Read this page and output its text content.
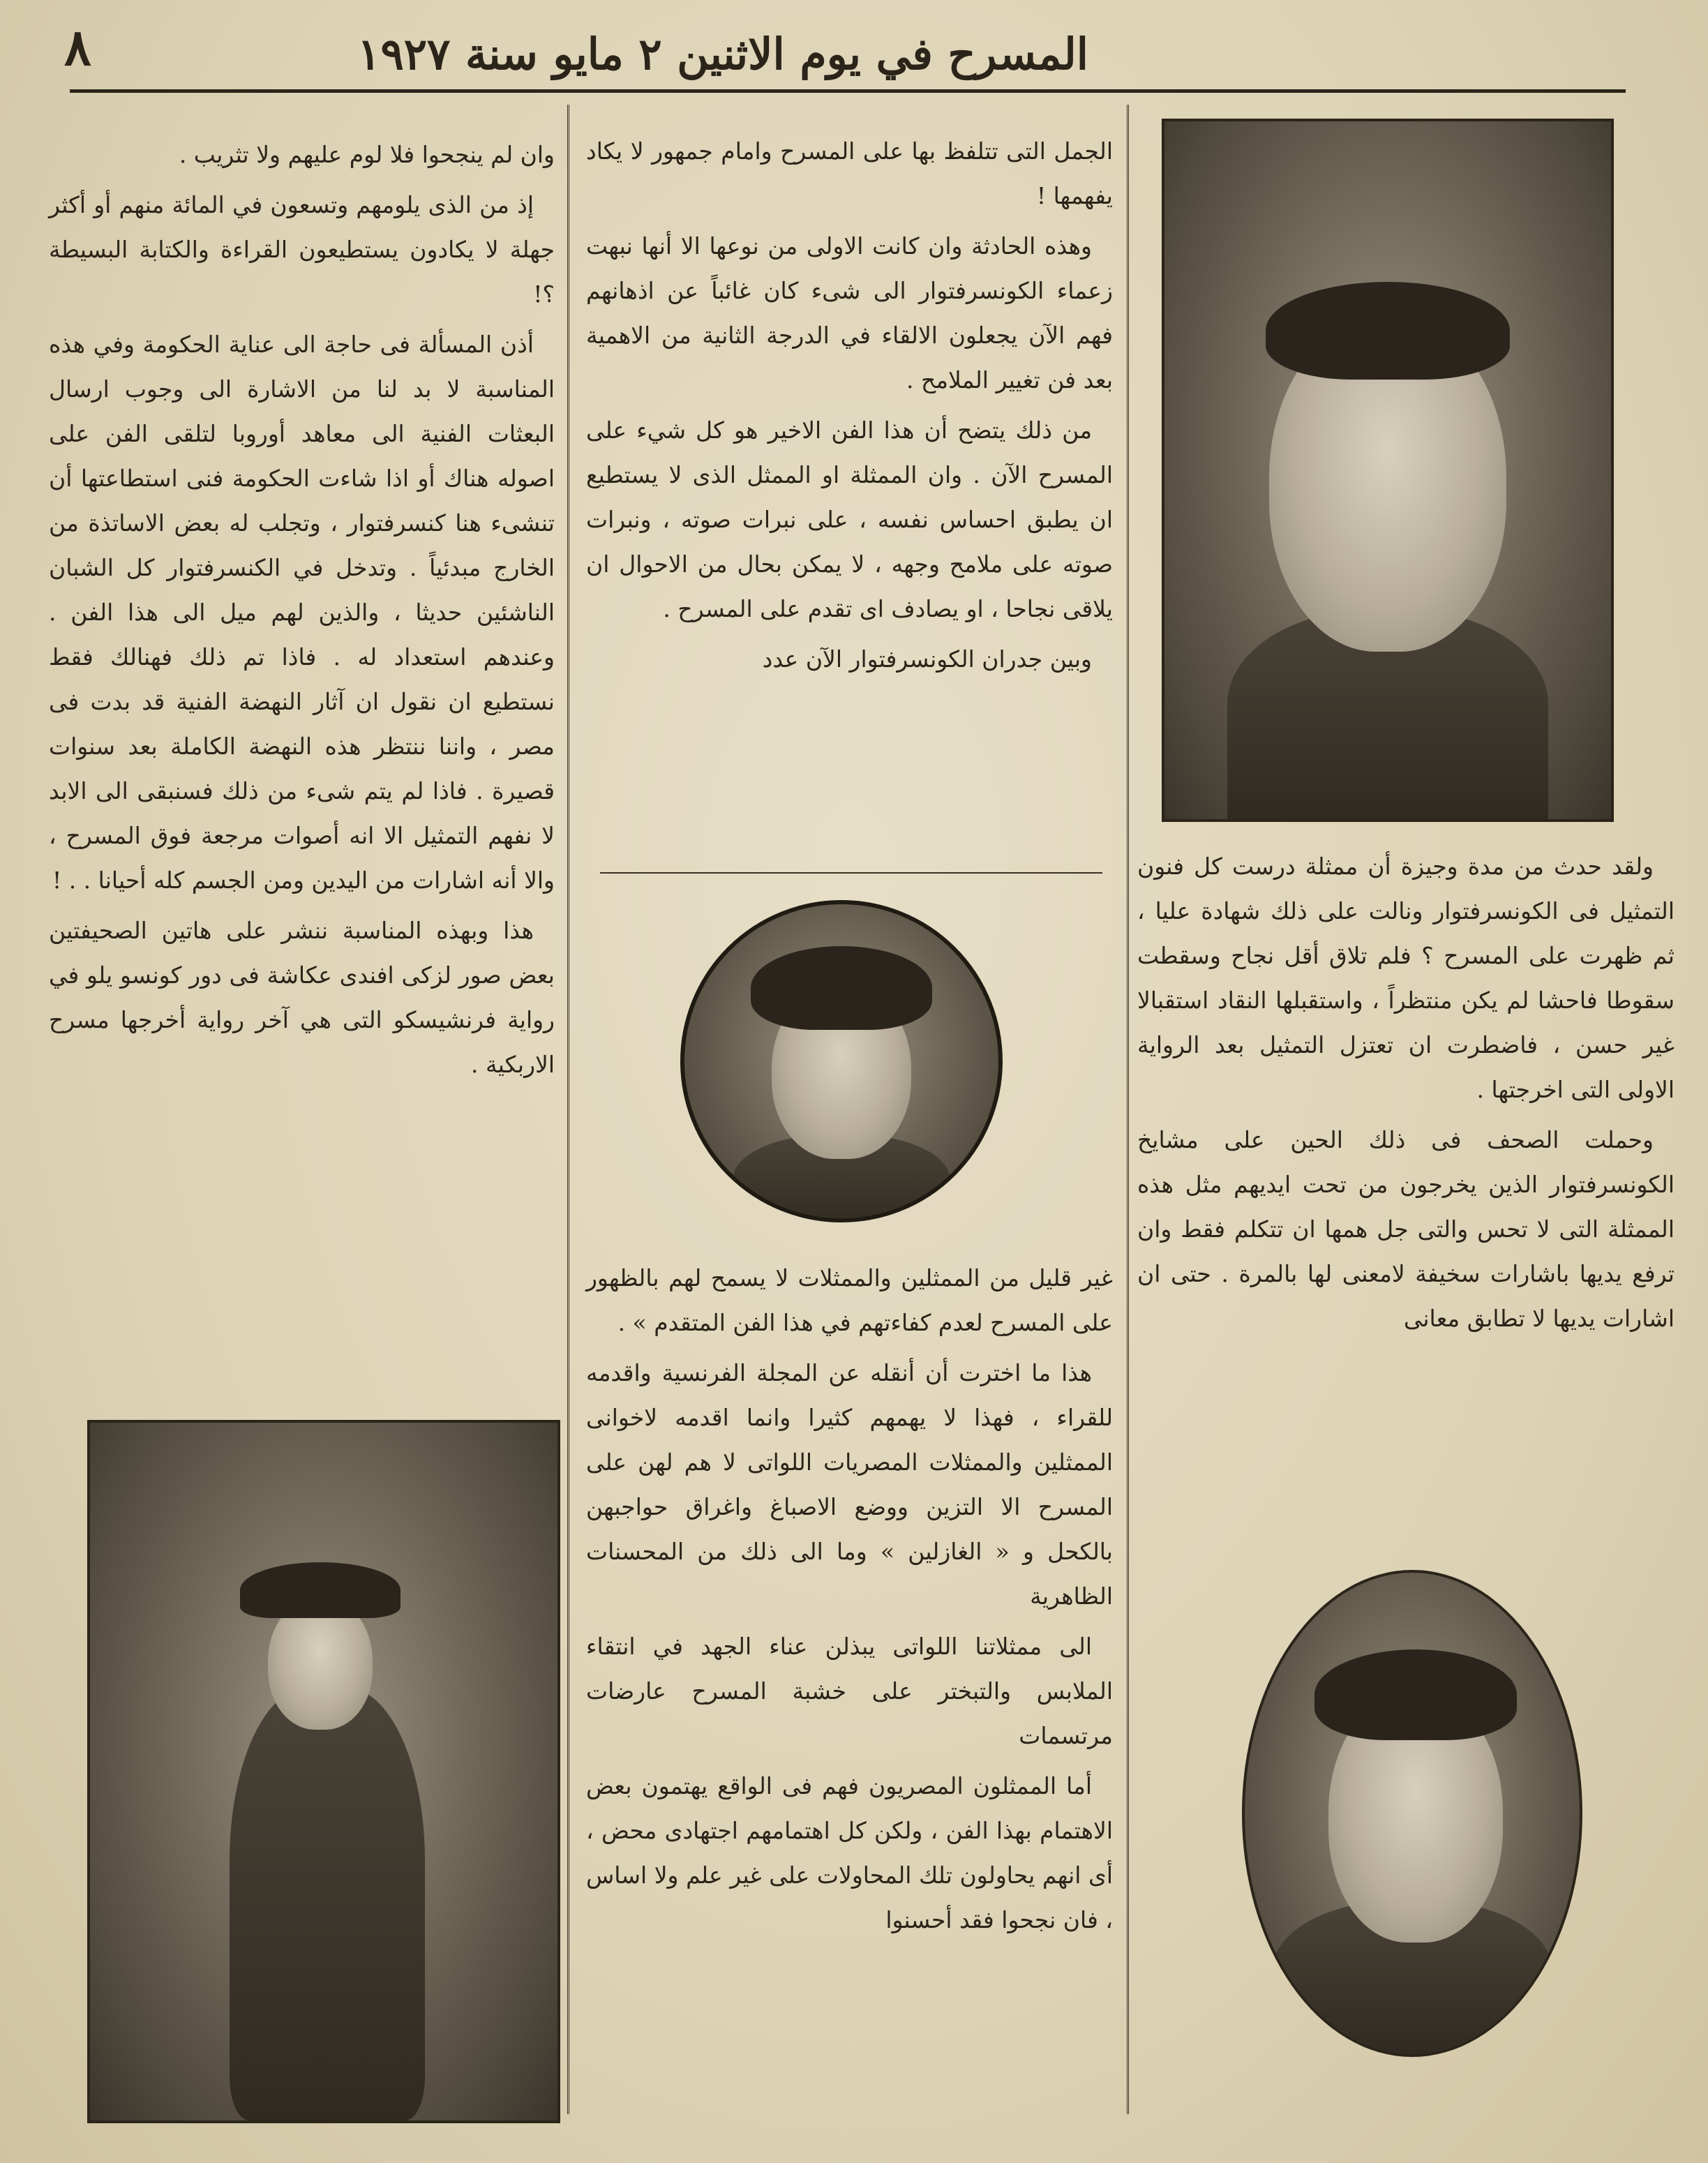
المسرح في يوم الاثنين ٢ مايو سنة ١٩٢٧
٨

ولقد حدث من مدة وجيزة أن ممثلة درست كل فنون التمثيل فى الكونسرفتوار ونالت على ذلك شهادة عليا ، ثم ظهرت على المسرح ؟ فلم تلاق أقل نجاح وسقطت سقوطا فاحشا لم يكن منتظراً ، واستقبلها النقاد استقبالا غير حسن ، فاضطرت ان تعتزل التمثيل بعد الرواية الاولى التى اخرجتها .

وحملت الصحف فى ذلك الحين على مشايخ الكونسرفتوار الذين يخرجون من تحت ايديهم مثل هذه الممثلة التى لا تحس والتى جل همها ان تتكلم فقط وان ترفع يديها باشارات سخيفة لامعنى لها بالمرة . حتى ان اشارات يديها لا تطابق معانى

الجمل التى تتلفظ بها على المسرح وامام جمهور لا يكاد يفهمها !

وهذه الحادثة وان كانت الاولى من نوعها الا أنها نبهت زعماء الكونسرفتوار الى شىء كان غائباً عن اذهانهم فهم الآن يجعلون الالقاء في الدرجة الثانية من الاهمية بعد فن تغيير الملامح .

من ذلك يتضح أن هذا الفن الاخير هو كل شيء على المسرح الآن . وان الممثلة او الممثل الذى لا يستطيع ان يطبق احساس نفسه ، على نبرات صوته ، ونبرات صوته على ملامح وجهه ، لا يمكن بحال من الاحوال ان يلاقى نجاحا ، او يصادف اى تقدم على المسرح .

وبين جدران الكونسرفتوار الآن عدد

غير قليل من الممثلين والممثلات لا يسمح لهم بالظهور على المسرح لعدم كفاءتهم في هذا الفن المتقدم » .

هذا ما اخترت أن أنقله عن المجلة الفرنسية واقدمه للقراء ، فهذا لا يهمهم كثيرا وانما اقدمه لاخوانى الممثلين والممثلات المصريات اللواتى لا هم لهن على المسرح الا التزين ووضع الاصباغ واغراق حواجبهن بالكحل و « الغازلين » وما الى ذلك من المحسنات الظاهرية

الى ممثلاتنا اللواتى يبذلن عناء الجهد في انتقاء الملابس والتبختر على خشبة المسرح عارضات مرتسمات

أما الممثلون المصريون فهم فى الواقع يهتمون بعض الاهتمام بهذا الفن ، ولكن كل اهتمامهم اجتهادى محض ، أى انهم يحاولون تلك المحاولات على غير علم ولا اساس ، فان نجحوا فقد أحسنوا

وان لم ينجحوا فلا لوم عليهم ولا تثريب .

إذ من الذى يلومهم وتسعون في المائة منهم أو أكثر جهلة لا يكادون يستطيعون القراءة والكتابة البسيطة ؟!

أذن المسألة فى حاجة الى عناية الحكومة وفي هذه المناسبة لا بد لنا من الاشارة الى وجوب ارسال البعثات الفنية الى معاهد أوروبا لتلقى الفن على اصوله هناك أو اذا شاءت الحكومة فنى استطاعتها أن تنشىء هنا كنسرفتوار ، وتجلب له بعض الاساتذة من الخارج مبدئياً . وتدخل في الكنسرفتوار كل الشبان الناشئين حديثا ، والذين لهم ميل الى هذا الفن . وعندهم استعداد له . فاذا تم ذلك فهنالك فقط نستطيع ان نقول ان آثار النهضة الفنية قد بدت فى مصر ، واننا ننتظر هذه النهضة الكاملة بعد سنوات قصيرة . فاذا لم يتم شىء من ذلك فسنبقى الى الابد لا نفهم التمثيل الا انه أصوات مرجعة فوق المسرح ، والا أنه اشارات من اليدين ومن الجسم كله أحيانا . . !

هذا وبهذه المناسبة ننشر على هاتين الصحيفتين بعض صور لزكى افندى عكاشة فى دور كونسو يلو في رواية فرنشيسكو التى هي آخر رواية أخرجها مسرح الاربكية .
